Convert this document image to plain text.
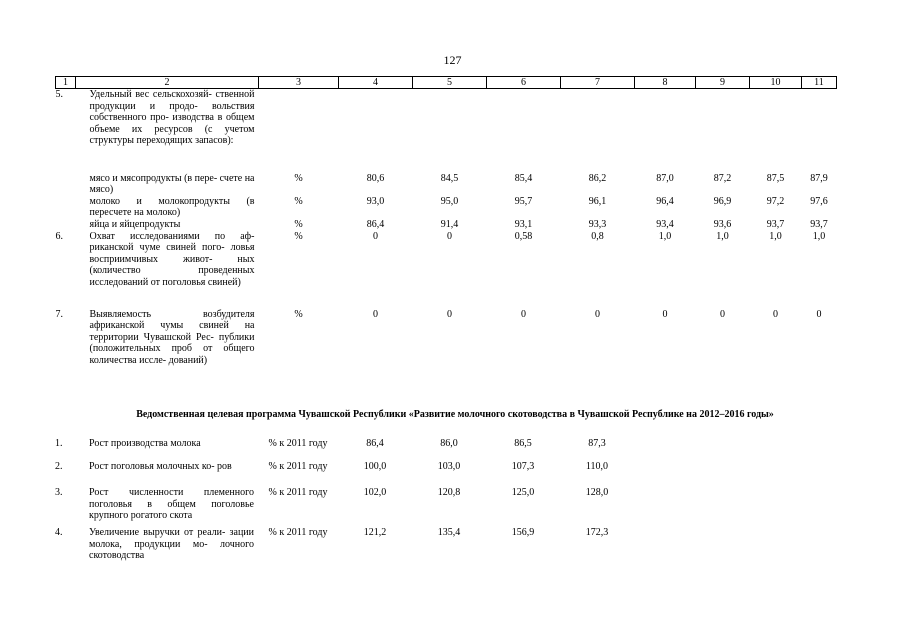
127
1	2	3	4	5	6	7	8	9	10	11
5.	Удельный вес сельскохозяй- ственной продукции и продо- вольствия собственного про- изводства в общем объеме их ресурсов (с учетом структуры переходящих запасов):									
	мясо и мясопродукты (в пере- счете на мясо)	%	80,6	84,5	85,4	86,2	87,0	87,2	87,5	87,9
	молоко и молокопродукты (в пересчете на молоко)	%	93,0	95,0	95,7	96,1	96,4	96,9	97,2	97,6
	яйца и яйцепродукты	%	86,4	91,4	93,1	93,3	93,4	93,6	93,7	93,7
6.	Охват исследованиями по аф- риканской чуме свиней пого- ловья восприимчивых живот- ных (количество проведенных исследований от поголовья свиней)	%	0	0	0,58	0,8	1,0	1,0	1,0	1,0
7.	Выявляемость возбудителя африканской чумы свиней на территории Чувашской Рес- публики (положительных проб от общего количества иссле- дований)	%	0	0	0	0	0	0	0	0
Ведомственная целевая программа Чувашской Республики «Развитие молочного скотоводства в Чувашской Республике на 2012–2016 годы»
1.	Рост производства молока	% к 2011 году	86,4	86,0	86,5	87,3				
2.	Рост поголовья молочных ко- ров	% к 2011 году	100,0	103,0	107,3	110,0				
3.	Рост численности племенного поголовья в общем поголовье крупного рогатого скота	% к 2011 году	102,0	120,8	125,0	128,0				
4.	Увеличение выручки от реали- зации молока, продукции мо- лочного скотоводства	% к 2011 году	121,2	135,4	156,9	172,3				
